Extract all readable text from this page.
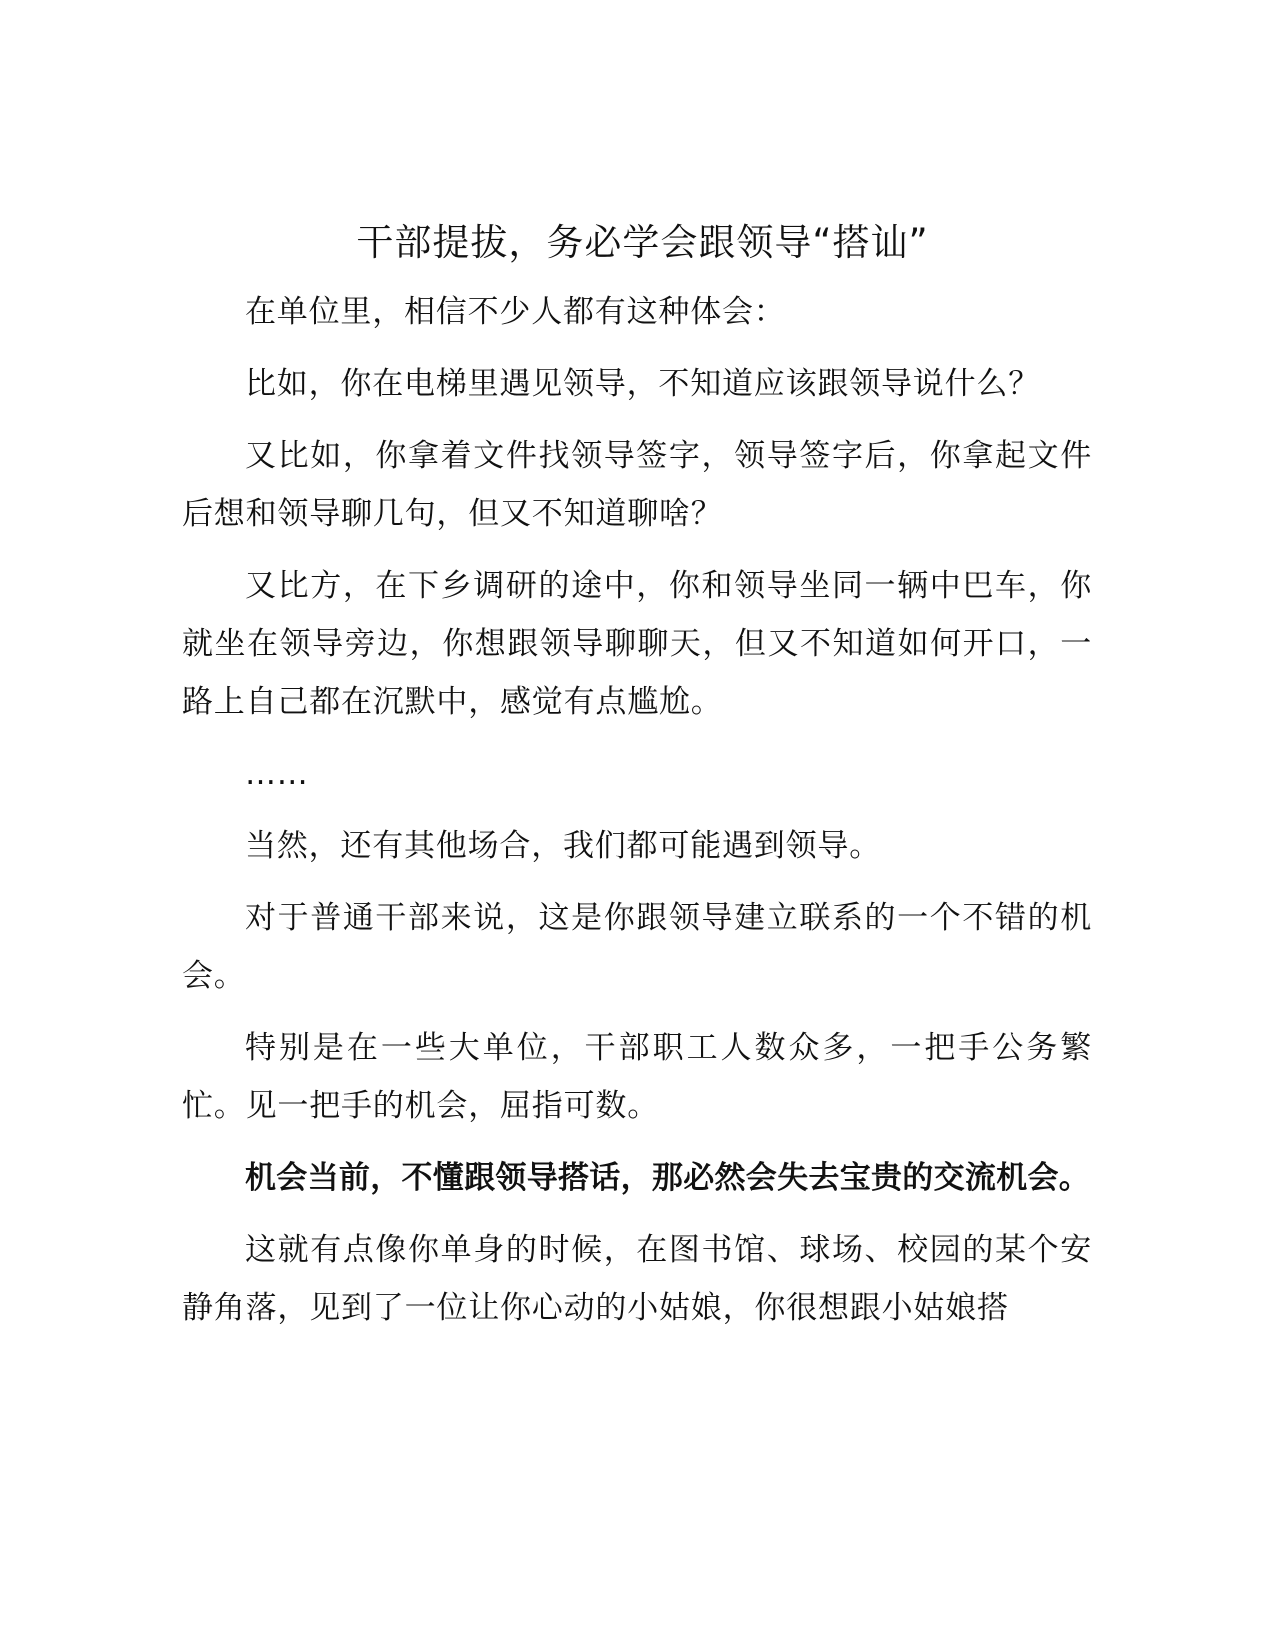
干部提拔，务必学会跟领导“搭讪”

在单位里，相信不少人都有这种体会：

比如，你在电梯里遇见领导，不知道应该跟领导说什么？

又比如，你拿着文件找领导签字，领导签字后，你拿起文件后想和领导聊几句，但又不知道聊啥？

又比方，在下乡调研的途中，你和领导坐同一辆中巴车，你就坐在领导旁边，你想跟领导聊聊天，但又不知道如何开口，一路上自己都在沉默中，感觉有点尴尬。

……

当然，还有其他场合，我们都可能遇到领导。

对于普通干部来说，这是你跟领导建立联系的一个不错的机会。

特别是在一些大单位，干部职工人数众多，一把手公务繁忙。见一把手的机会，屈指可数。

机会当前，不懂跟领导搭话，那必然会失去宝贵的交流机会。

这就有点像你单身的时候，在图书馆、球场、校园的某个安静角落，见到了一位让你心动的小姑娘，你很想跟小姑娘搭
